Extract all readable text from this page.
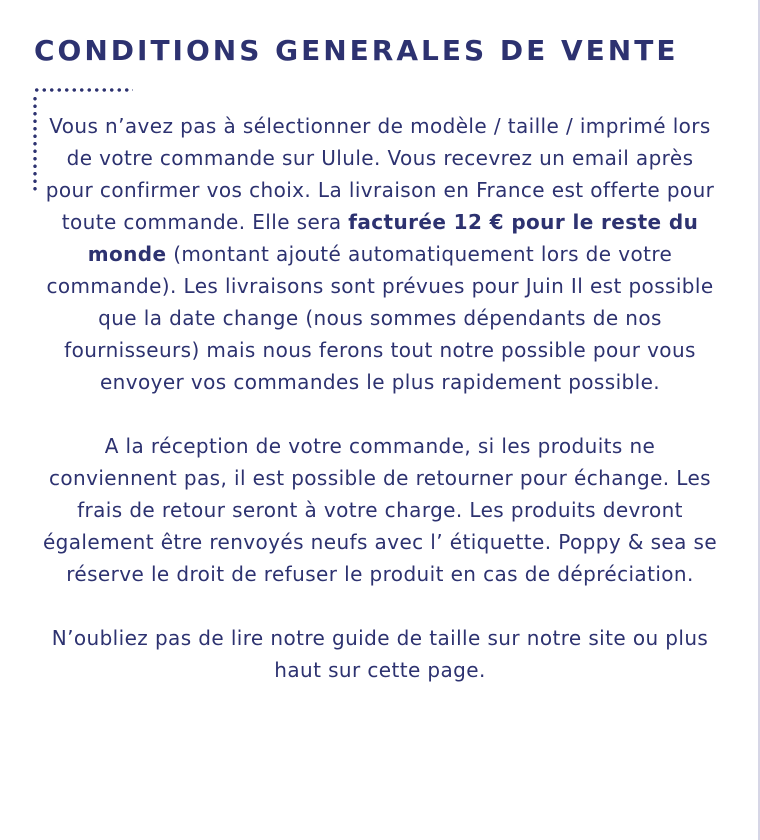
CONDITIONS GENERALES DE VENTE

Vous n’avez pas à sélectionner de modèle / taille / imprimé lors de votre commande sur Ulule. Vous recevrez un email après pour confirmer vos choix. La livraison en France est offerte pour toute commande. Elle sera facturée 12 € pour le reste du monde (montant ajouté automatiquement lors de votre commande). Les livraisons sont prévues pour Juin Il est possible que la date change (nous sommes dépendants de nos fournisseurs) mais nous ferons tout notre possible pour vous envoyer vos commandes le plus rapidement possible.

A la réception de votre commande, si les produits ne conviennent pas, il est possible de retourner pour échange. Les frais de retour seront à votre charge. Les produits devront également être renvoyés neufs avec l’ étiquette. Poppy & sea se réserve le droit de refuser le produit en cas de dépréciation.

N’oubliez pas de lire notre guide de taille sur notre site ou plus haut sur cette page.
